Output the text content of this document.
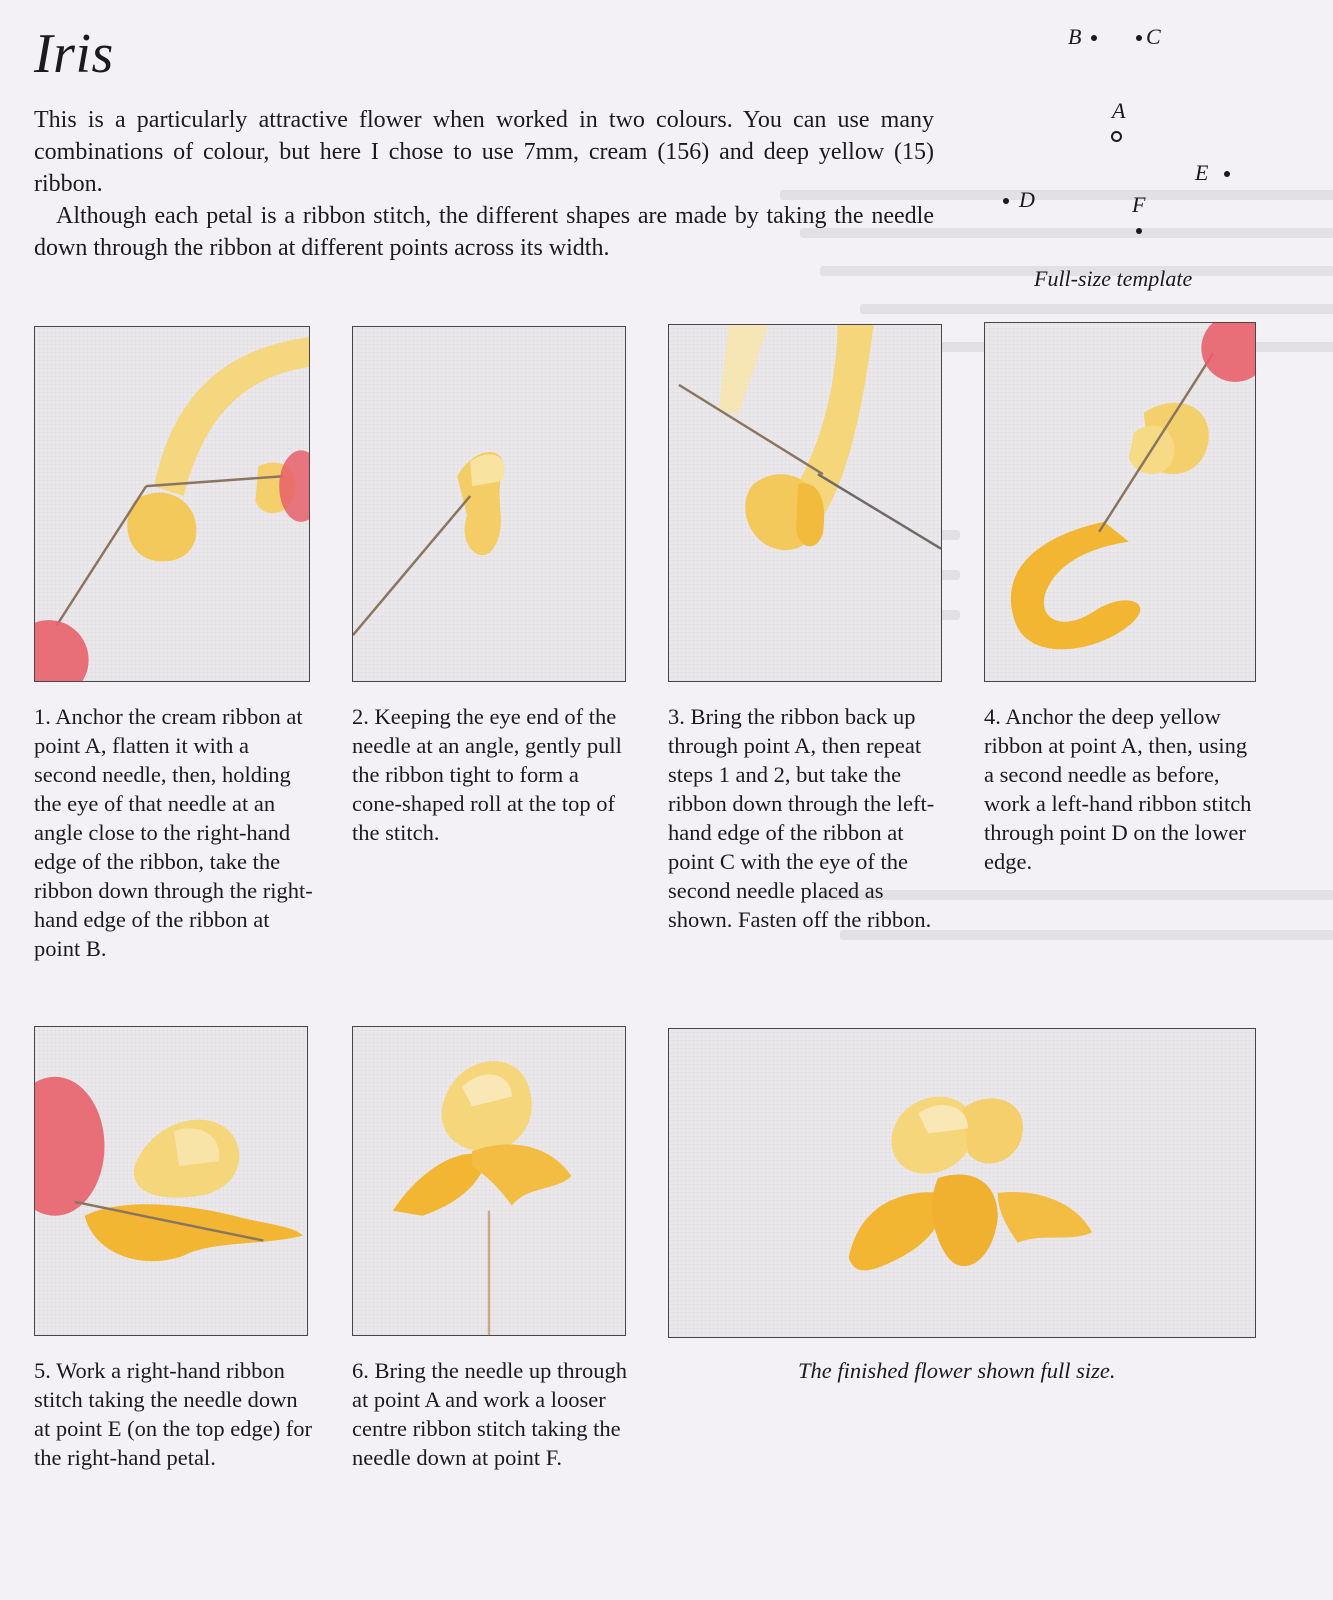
Iris

This is a particularly attractive flower when worked in two colours. You can use many combinations of colour, but here I chose to use 7mm, cream (156) and deep yellow (15) ribbon.

Although each petal is a ribbon stitch, the different shapes are made by taking the needle down through the ribbon at different points across its width.

B	C
A
E
D	F
Full-size template
1. Anchor the cream ribbon at point A, flatten it with a second needle, then, holding the eye of that needle at an angle close to the right-hand edge of the ribbon, take the ribbon down through the right-hand edge of the ribbon at point B.
2. Keeping the eye end of the needle at an angle, gently pull the ribbon tight to form a cone-shaped roll at the top of the stitch.
3. Bring the ribbon back up through point A, then repeat steps 1 and 2, but take the ribbon down through the left-hand edge of the ribbon at point C with the eye of the second needle placed as shown. Fasten off the ribbon.
4. Anchor the deep yellow ribbon at point A, then, using a second needle as before, work a left-hand ribbon stitch through point D on the lower edge.
5. Work a right-hand ribbon stitch taking the needle down at point E (on the top edge) for the right-hand petal.
6. Bring the needle up through at point A and work a looser centre ribbon stitch taking the needle down at point F.
The finished flower shown full size.
